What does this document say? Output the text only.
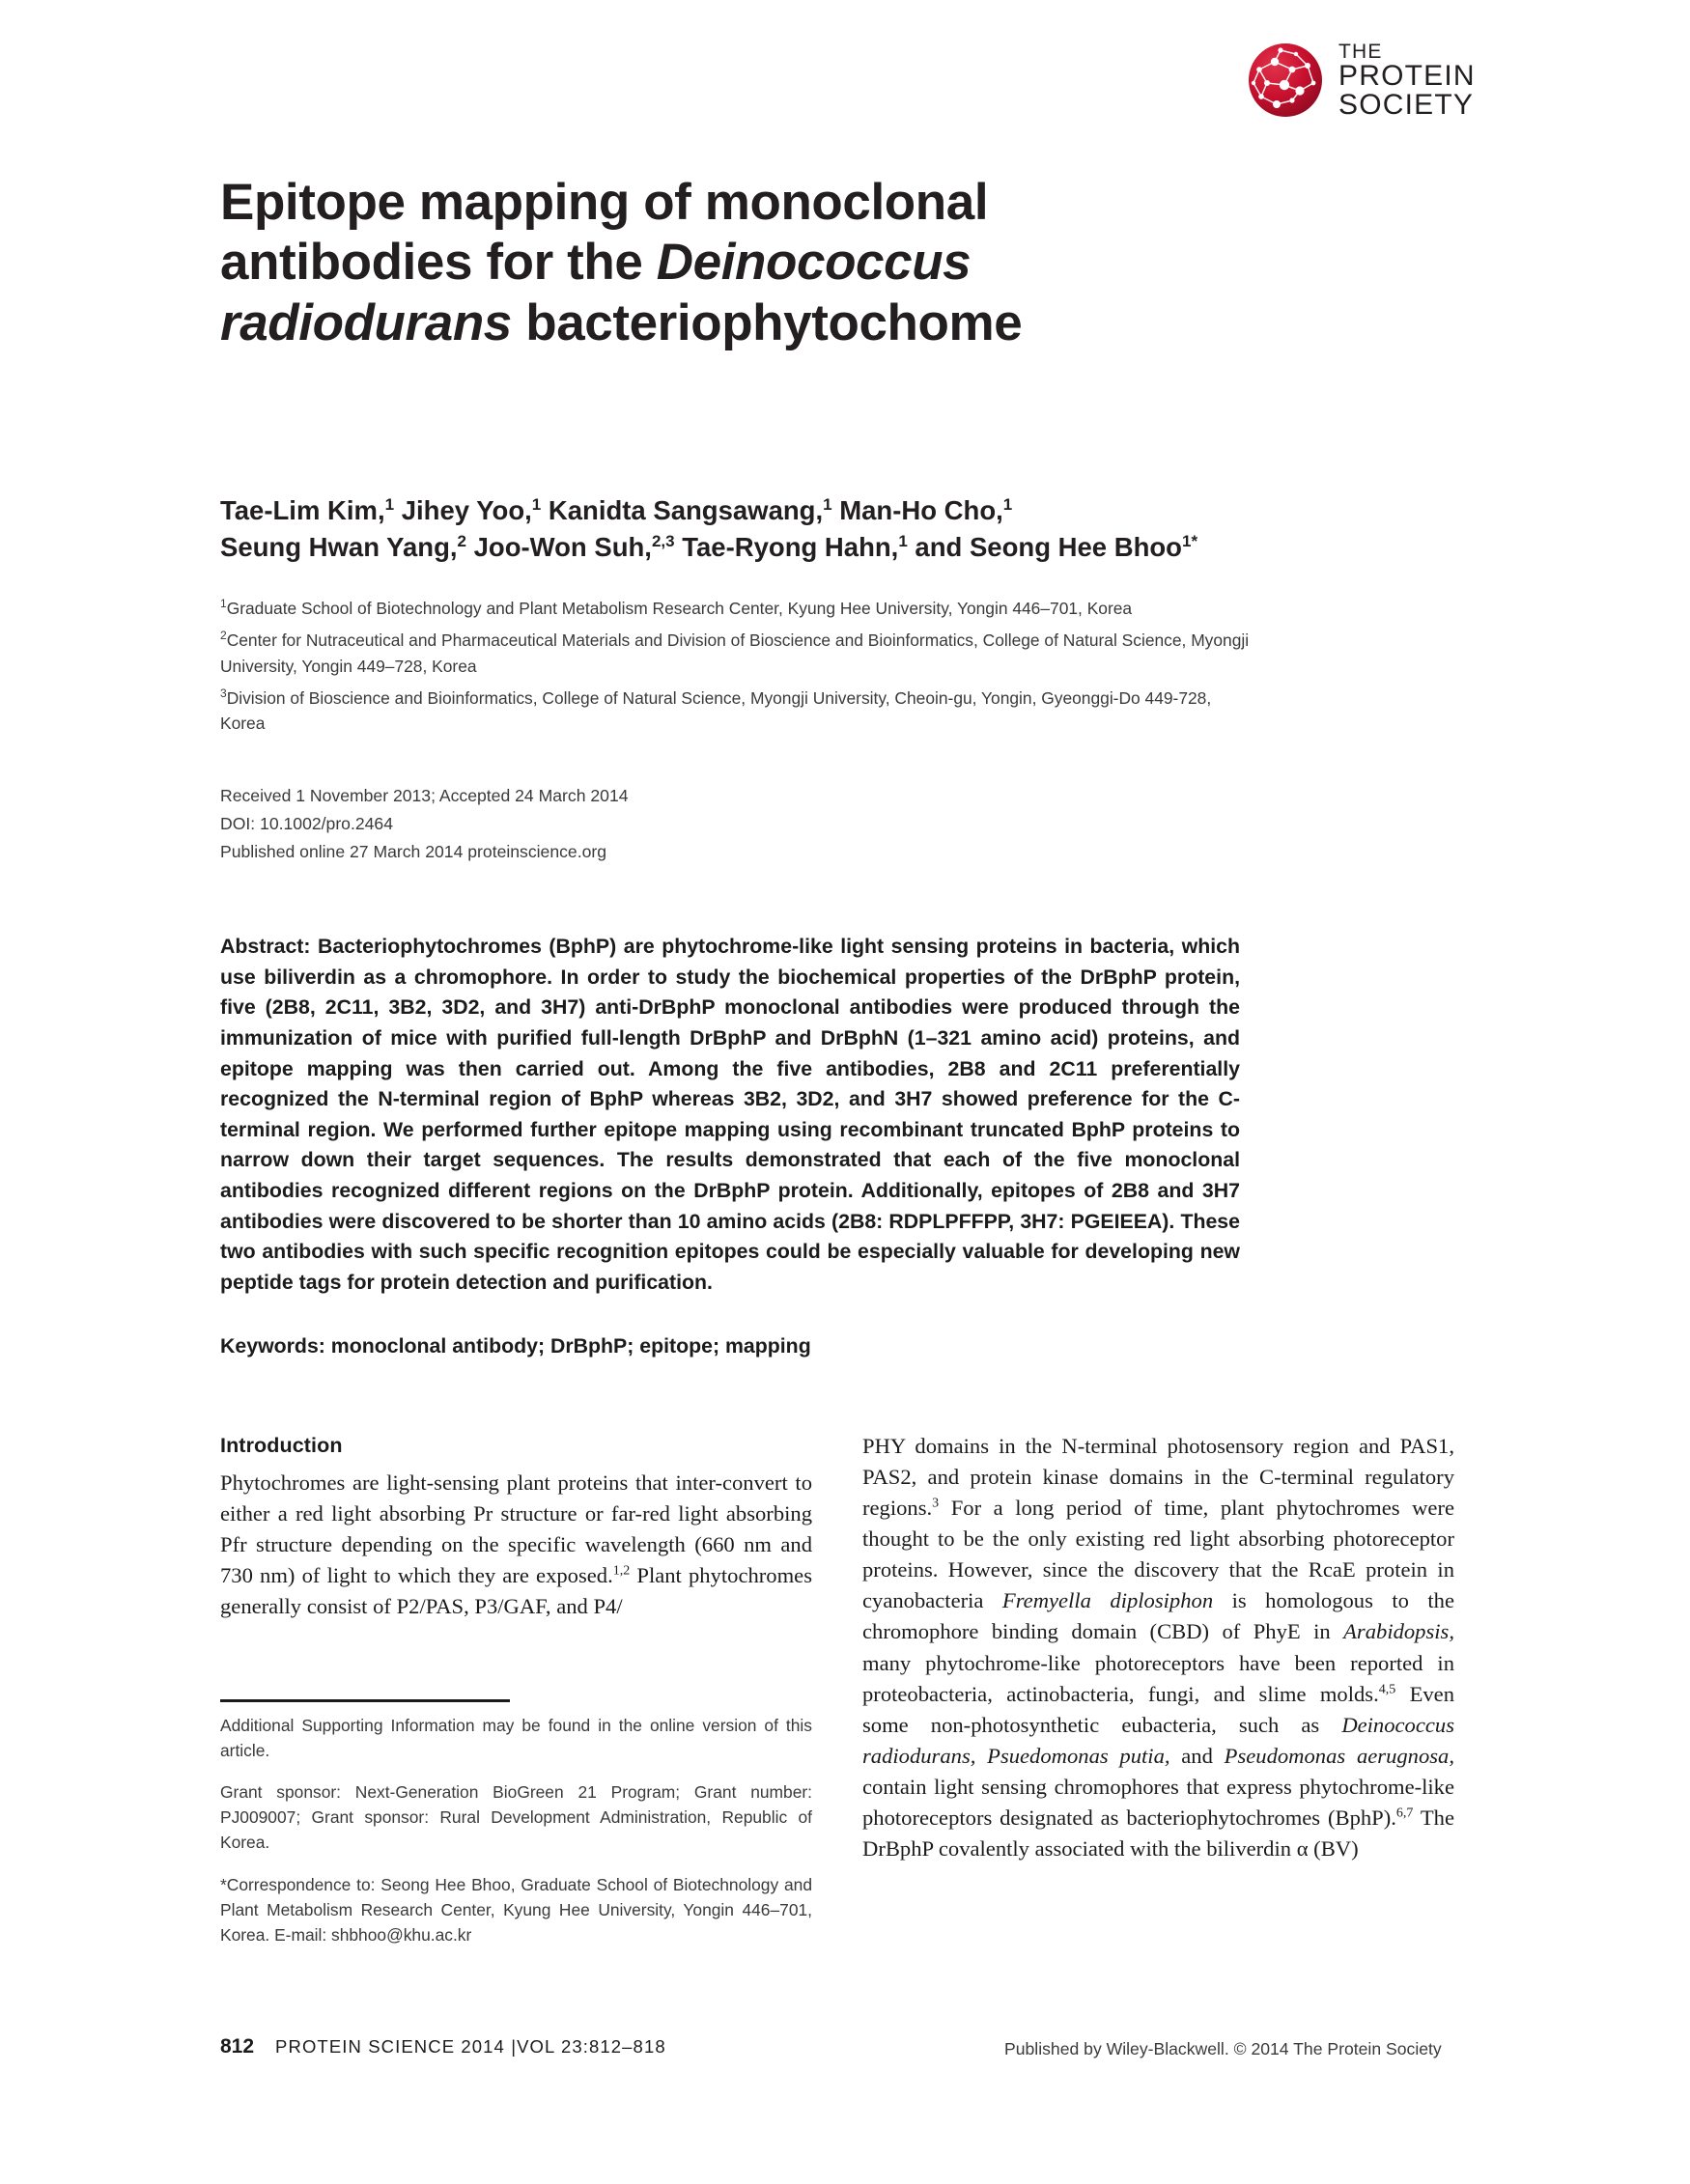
THE
PROTEIN
SOCIETY
Epitope mapping of monoclonal antibodies for the Deinococcus radiodurans bacteriophytochome
Tae-Lim Kim,$^1$ Jihey Yoo,$^1$ Kanidta Sangsawang,$^1$ Man-Ho Cho,$^1$
Seung Hwan Yang,$^2$ Joo-Won Suh,$^{2,3}$ Tae-Ryong Hahn,$^1$ and Seong Hee Bhoo$^{1*}$

$^1$Graduate School of Biotechnology and Plant Metabolism Research Center, Kyung Hee University, Yongin 446–701, Korea

$^2$Center for Nutraceutical and Pharmaceutical Materials and Division of Bioscience and Bioinformatics, College of Natural Science, Myongji University, Yongin 449–728, Korea

$^3$Division of Bioscience and Bioinformatics, College of Natural Science, Myongji University, Cheoin-gu, Yongin, Gyeonggi-Do 449-728, Korea

Received 1 November 2013; Accepted 24 March 2014
DOI: 10.1002/pro.2464
Published online 27 March 2014 proteinscience.org
Abstract: Bacteriophytochromes (BphP) are phytochrome-like light sensing proteins in bacteria, which use biliverdin as a chromophore. In order to study the biochemical properties of the DrBphP protein, five (2B8, 2C11, 3B2, 3D2, and 3H7) anti-DrBphP monoclonal antibodies were produced through the immunization of mice with purified full-length DrBphP and DrBphN (1–321 amino acid) proteins, and epitope mapping was then carried out. Among the five antibodies, 2B8 and 2C11 preferentially recognized the N-terminal region of BphP whereas 3B2, 3D2, and 3H7 showed preference for the C-terminal region. We performed further epitope mapping using recombinant truncated BphP proteins to narrow down their target sequences. The results demonstrated that each of the five monoclonal antibodies recognized different regions on the DrBphP protein. Additionally, epitopes of 2B8 and 3H7 antibodies were discovered to be shorter than 10 amino acids (2B8: RDPLPFFPP, 3H7: PGEIEEA). These two antibodies with such specific recognition epitopes could be especially valuable for developing new peptide tags for protein detection and purification.
Keywords: monoclonal antibody; DrBphP; epitope; mapping
Introduction

Phytochromes are light-sensing plant proteins that inter-convert to either a red light absorbing Pr structure or far-red light absorbing Pfr structure depending on the specific wavelength (660 nm and 730 nm) of light to which they are exposed.$^{1,2}$ Plant phytochromes generally consist of P2/PAS, P3/GAF, and P4/

PHY domains in the N-terminal photosensory region and PAS1, PAS2, and protein kinase domains in the C-terminal regulatory regions.$^3$ For a long period of time, plant phytochromes were thought to be the only existing red light absorbing photoreceptor proteins. However, since the discovery that the RcaE protein in cyanobacteria Fremyella diplosiphon is homologous to the chromophore binding domain (CBD) of PhyE in Arabidopsis, many phytochrome-like photoreceptors have been reported in proteobacteria, actinobacteria, fungi, and slime molds.$^{4,5}$ Even some non-photosynthetic eubacteria, such as Deinococcus radiodurans, Psuedomonas putia, and Pseudomonas aerugnosa, contain light sensing chromophores that express phytochrome-like photoreceptors designated as bacteriophytochromes (BphP).$^{6,7}$ The DrBphP covalently associated with the biliverdin α (BV)

Additional Supporting Information may be found in the online version of this article.

Grant sponsor: Next-Generation BioGreen 21 Program; Grant number: PJ009007; Grant sponsor: Rural Development Administration, Republic of Korea.

*Correspondence to: Seong Hee Bhoo, Graduate School of Biotechnology and Plant Metabolism Research Center, Kyung Hee University, Yongin 446–701, Korea. E-mail: shbhoo@khu.ac.kr

812 PROTEIN SCIENCE 2014 |VOL 23:812–818	Published by Wiley-Blackwell. © 2014 The Protein Society
